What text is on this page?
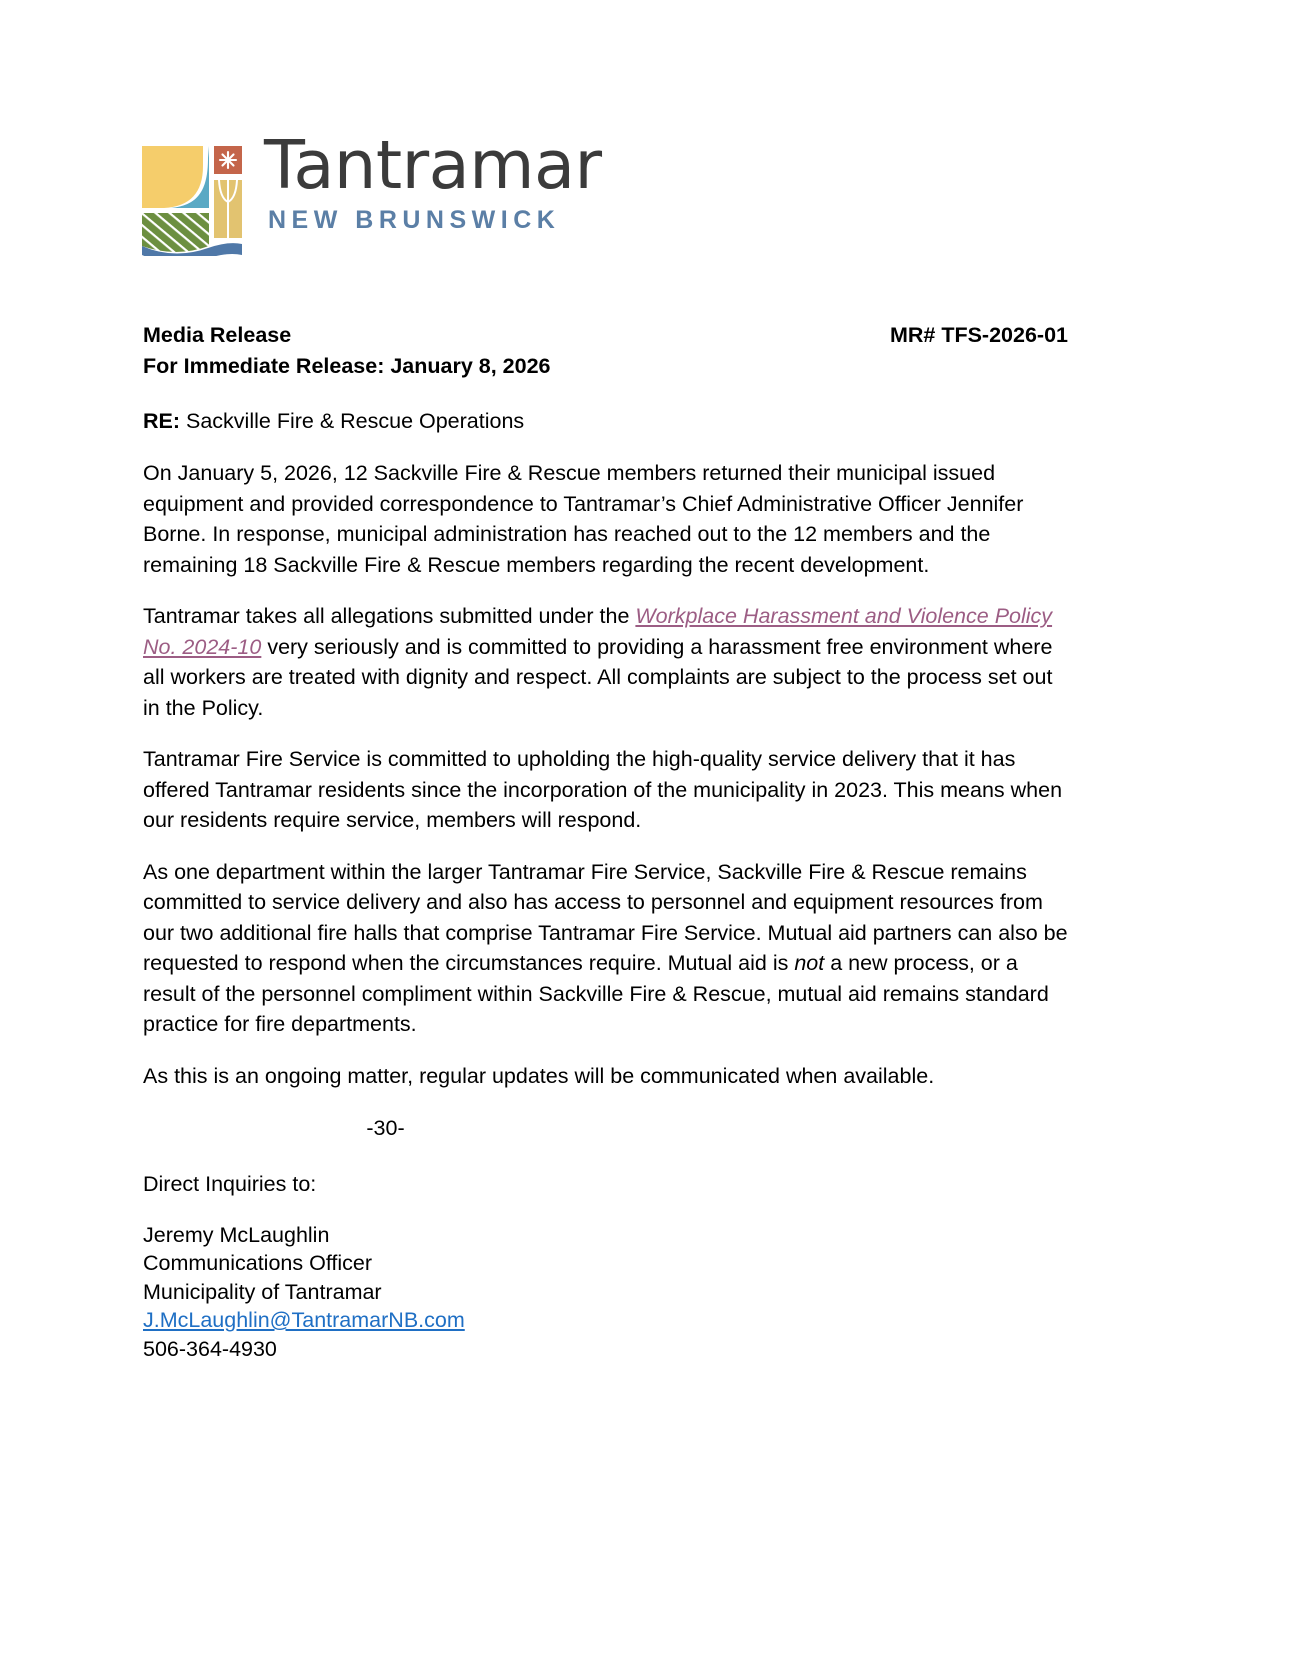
Tantramar
NEW BRUNSWICK
Media Release	MR# TFS-2026-01
For Immediate Release: January 8, 2026
RE: Sackville Fire & Rescue Operations

On January 5, 2026, 12 Sackville Fire & Rescue members returned their municipal issued equipment and provided correspondence to Tantramar’s Chief Administrative Officer Jennifer Borne. In response, municipal administration has reached out to the 12 members and the remaining 18 Sackville Fire & Rescue members regarding the recent development.

Tantramar takes all allegations submitted under the Workplace Harassment and Violence Policy No. 2024-10 very seriously and is committed to providing a harassment free environment where all workers are treated with dignity and respect. All complaints are subject to the process set out in the Policy.

Tantramar Fire Service is committed to upholding the high-quality service delivery that it has offered Tantramar residents since the incorporation of the municipality in 2023. This means when our residents require service, members will respond.

As one department within the larger Tantramar Fire Service, Sackville Fire & Rescue remains committed to service delivery and also has access to personnel and equipment resources from our two additional fire halls that comprise Tantramar Fire Service. Mutual aid partners can also be requested to respond when the circumstances require. Mutual aid is not a new process, or a result of the personnel compliment within Sackville Fire & Rescue, mutual aid remains standard practice for fire departments.

As this is an ongoing matter, regular updates will be communicated when available.

-30-

Direct Inquiries to:

Jeremy McLaughlin
Communications Officer
Municipality of Tantramar
J.McLaughlin@TantramarNB.com
506-364-4930
